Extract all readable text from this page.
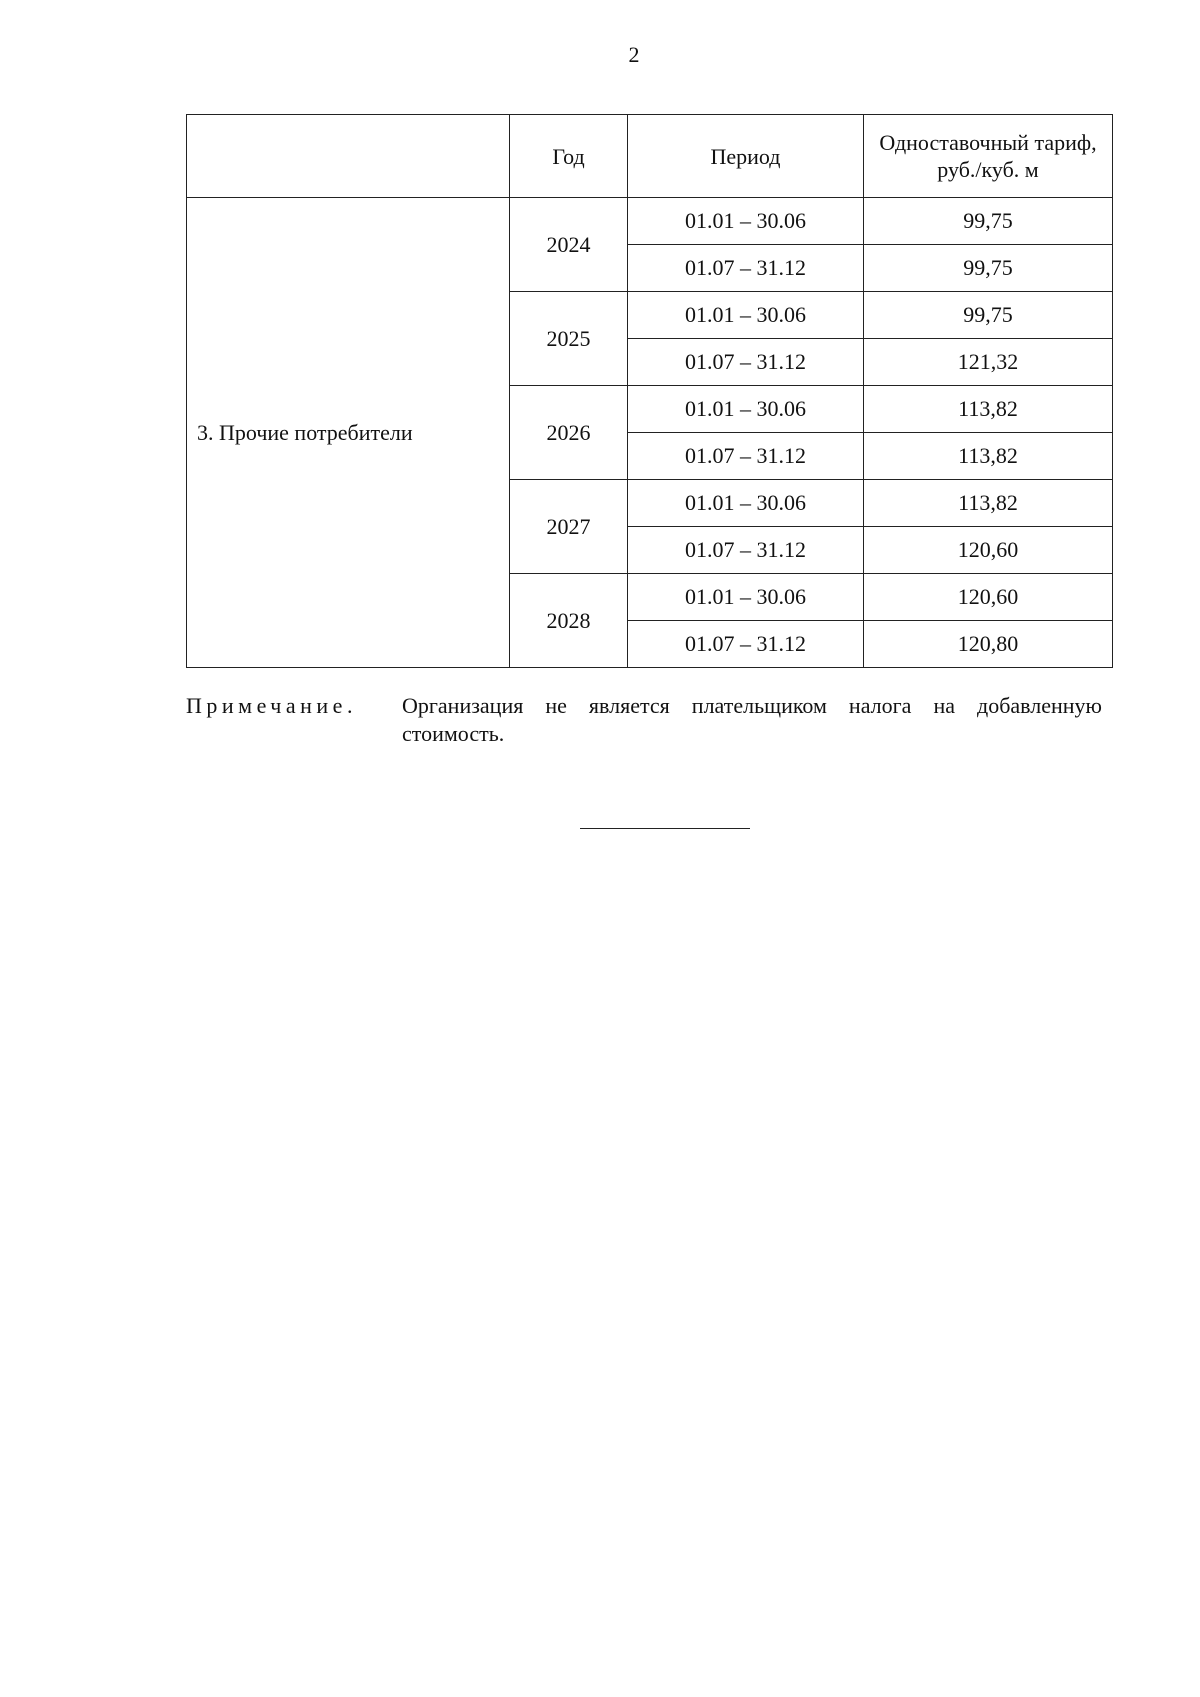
2
	Год	Период	Одноставочный тариф, руб./куб. м
3. Прочие потребители	2024	01.01 – 30.06	99,75
		01.07 – 31.12	99,75
	2025	01.01 – 30.06	99,75
		01.07 – 31.12	121,32
	2026	01.01 – 30.06	113,82
		01.07 – 31.12	113,82
	2027	01.01 – 30.06	113,82
		01.07 – 31.12	120,60
	2028	01.01 – 30.06	120,60
		01.07 – 31.12	120,80
Примечание.	Организация не является плательщиком налога на добавленную стоимость.
